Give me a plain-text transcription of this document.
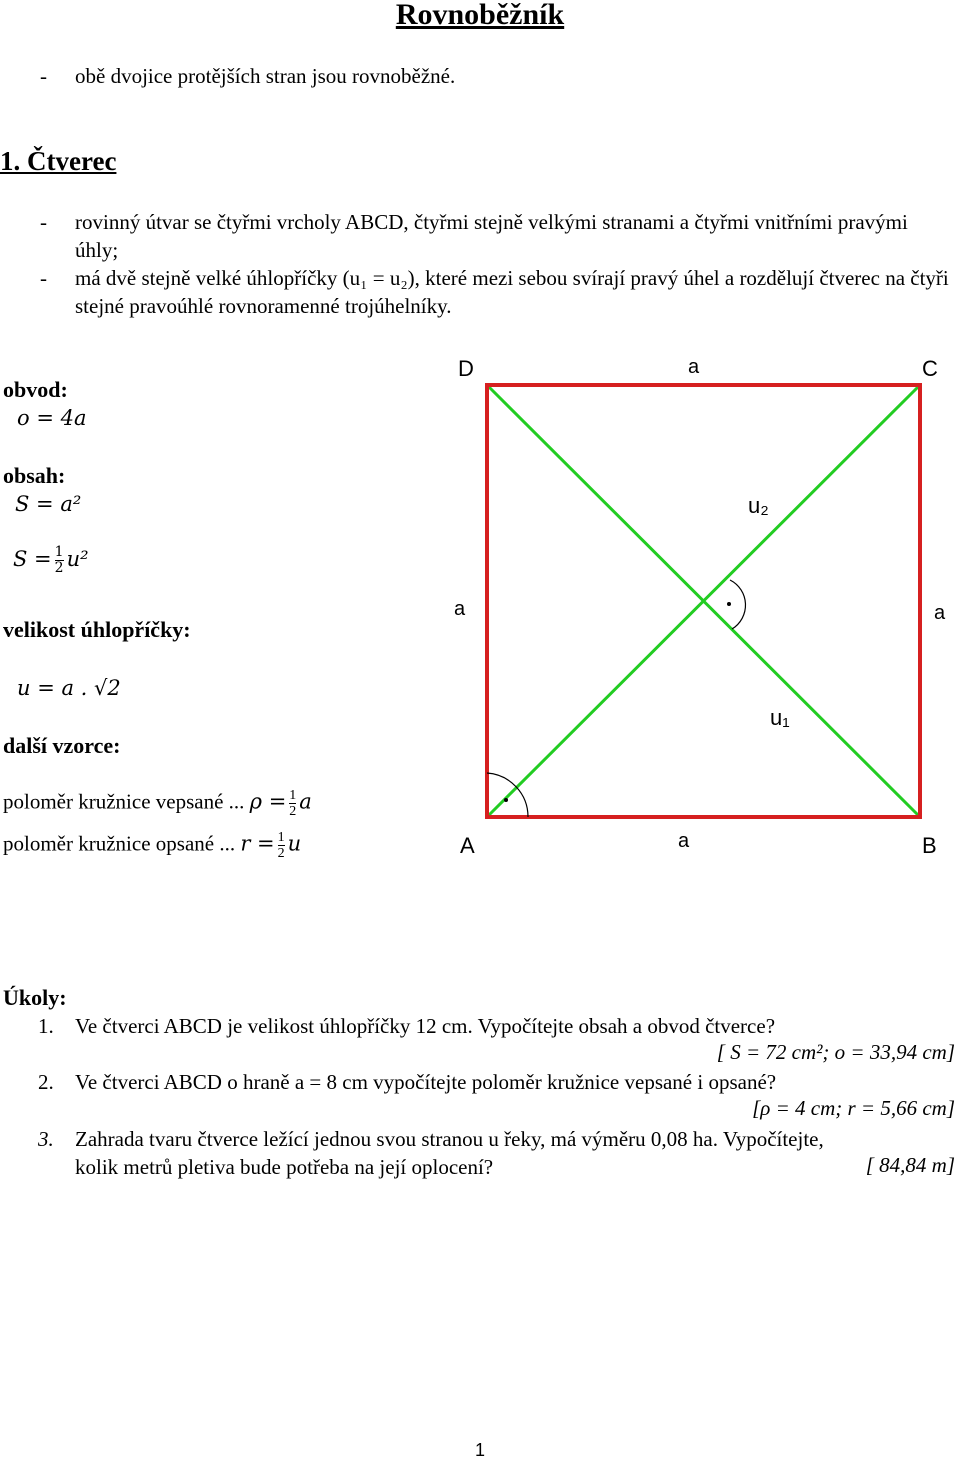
Rovnoběžník
- obě dvojice protějších stran jsou rovnoběžné.
1. Čtverec
- rovinný útvar se čtyřmi vrcholy ABCD, čtyřmi stejně velkými stranami a čtyřmi vnitřními pravými úhly;
- má dvě stejně velké úhlopříčky (u₁ = u₂), které mezi sebou svírají pravý úhel a rozdělují čtverec na čtyři stejné pravoúhlé rovnoramenné trojúhelníky.
obvod:
o = 4a
obsah:
S = a²
$S = \frac{1}{2} u^2$
velikost úhlopříčky:
u = a . √2
další vzorce:
poloměr kružnice vepsané ... $\rho = \frac{1}{2}$ a
poloměr kružnice opsané ... $r = \frac{1}{2}$ u
D	C
A	B
a
a
a	a
u₂
u₁
Úkoly:
1. Ve čtverci ABCD je velikost úhlopříčky 12 cm. Vypočítejte obsah a obvod čtverce?
[ S = 72 cm²; o = 33,94 cm]
2. Ve čtverci ABCD o hraně a = 8 cm vypočítejte poloměr kružnice vepsané i opsané?
[ρ = 4 cm; r = 5,66 cm]
3. Zahrada tvaru čtverce ležící jednou svou stranou u řeky, má výměru 0,08 ha. Vypočítejte,
kolik metrů pletiva bude potřeba na její oplocení?	[ 84,84 m]
1
